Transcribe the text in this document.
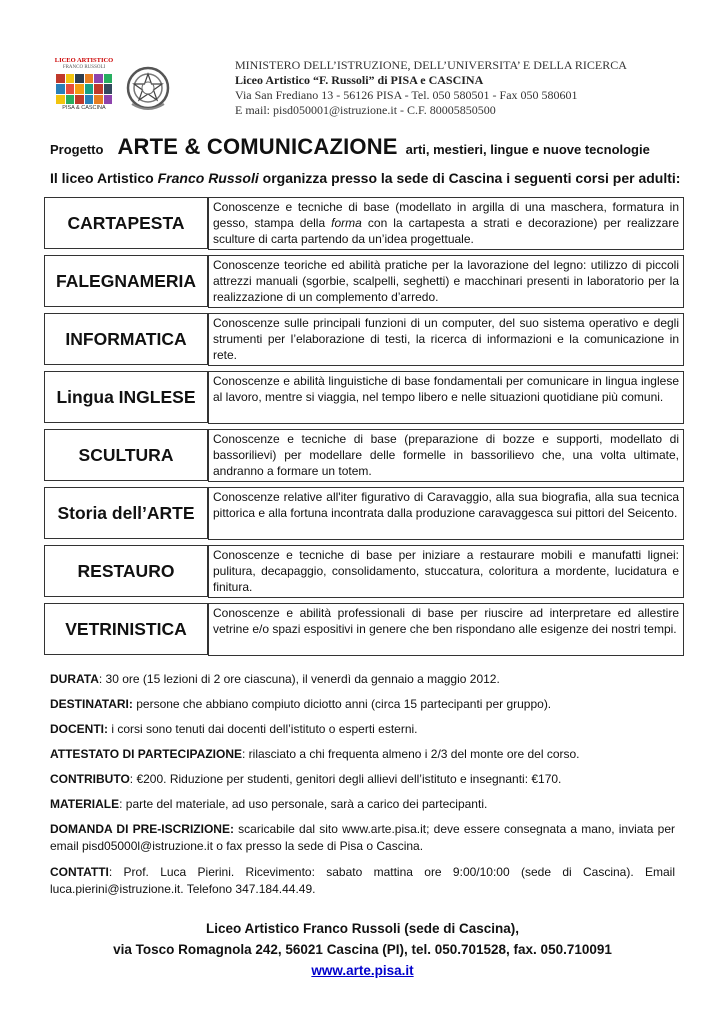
LICEO ARTISTICO
FRANCO RUSSOLI
PISA & CASCINA
MINISTERO DELL’ISTRUZIONE, DELL’UNIVERSITA’ E DELLA RICERCA
Liceo Artistico “F. Russoli” di PISA e CASCINA
Via San Frediano 13 - 56126 PISA - Tel. 050 580501 - Fax 050 580601
E mail: pisd050001@istruzione.it - C.F. 80005850500
Progetto ARTE & COMUNICAZIONE arti, mestieri, lingue e nuove tecnologie
Il liceo Artistico Franco Russoli organizza presso la sede di Cascina i seguenti corsi per adulti:
CARTAPESTA
Conoscenze e tecniche di base (modellato in argilla di una maschera, formatura in gesso, stampa della forma con la cartapesta a strati e decorazione) per realizzare sculture di carta partendo da un’idea progettuale.
FALEGNAMERIA
Conoscenze teoriche ed abilità pratiche per la lavorazione del legno: utilizzo di piccoli attrezzi manuali (sgorbie, scalpelli, seghetti) e macchinari presenti in laboratorio per la realizzazione di un complemento d’arredo.
INFORMATICA
Conoscenze sulle principali funzioni di un computer, del suo sistema operativo e degli strumenti per l’elaborazione di testi, la ricerca di informazioni e la comunicazione in rete.
Lingua INGLESE
Conoscenze e abilità linguistiche di base fondamentali per comunicare in lingua inglese al lavoro, mentre si viaggia, nel tempo libero e nelle situazioni quotidiane più comuni.
SCULTURA
Conoscenze e tecniche di base (preparazione di bozze e supporti, modellato di bassorilievi) per modellare delle formelle in bassorilievo che, una volta ultimate, andranno a formare un totem.
Storia dell’ARTE
Conoscenze relative all'iter figurativo di Caravaggio, alla sua biografia, alla sua tecnica pittorica e alla fortuna incontrata dalla produzione caravaggesca sui pittori del Seicento.
RESTAURO
Conoscenze e tecniche di base per iniziare a restaurare mobili e manufatti lignei: pulitura, decapaggio, consolidamento, stuccatura, coloritura a mordente, lucidatura e finitura.
VETRINISTICA
Conoscenze e abilità professionali di base per riuscire ad interpretare ed allestire vetrine e/o spazi espositivi in genere che ben rispondano alle esigenze dei nostri tempi.
DURATA: 30 ore (15 lezioni di 2 ore ciascuna), il venerdì da gennaio a maggio 2012.
DESTINATARI: persone che abbiano compiuto diciotto anni (circa 15 partecipanti per gruppo).
DOCENTI: i corsi sono tenuti dai docenti dell’istituto o esperti esterni.
ATTESTATO DI PARTECIPAZIONE: rilasciato a chi frequenta almeno i 2/3 del monte ore del corso.
CONTRIBUTO: €200. Riduzione per studenti, genitori degli allievi dell’istituto e insegnanti: €170.
MATERIALE: parte del materiale, ad uso personale, sarà a carico dei partecipanti.
DOMANDA DI PRE-ISCRIZIONE: scaricabile dal sito www.arte.pisa.it; deve essere consegnata a mano, inviata per email pisd05000l@istruzione.it o fax presso la sede di Pisa o Cascina.
CONTATTI: Prof. Luca Pierini. Ricevimento: sabato mattina ore 9:00/10:00 (sede di Cascina). Email luca.pierini@istruzione.it. Telefono 347.184.44.49.
Liceo Artistico Franco Russoli (sede di Cascina),
via Tosco Romagnola 242, 56021 Cascina (PI), tel. 050.701528, fax. 050.710091
www.arte.pisa.it
